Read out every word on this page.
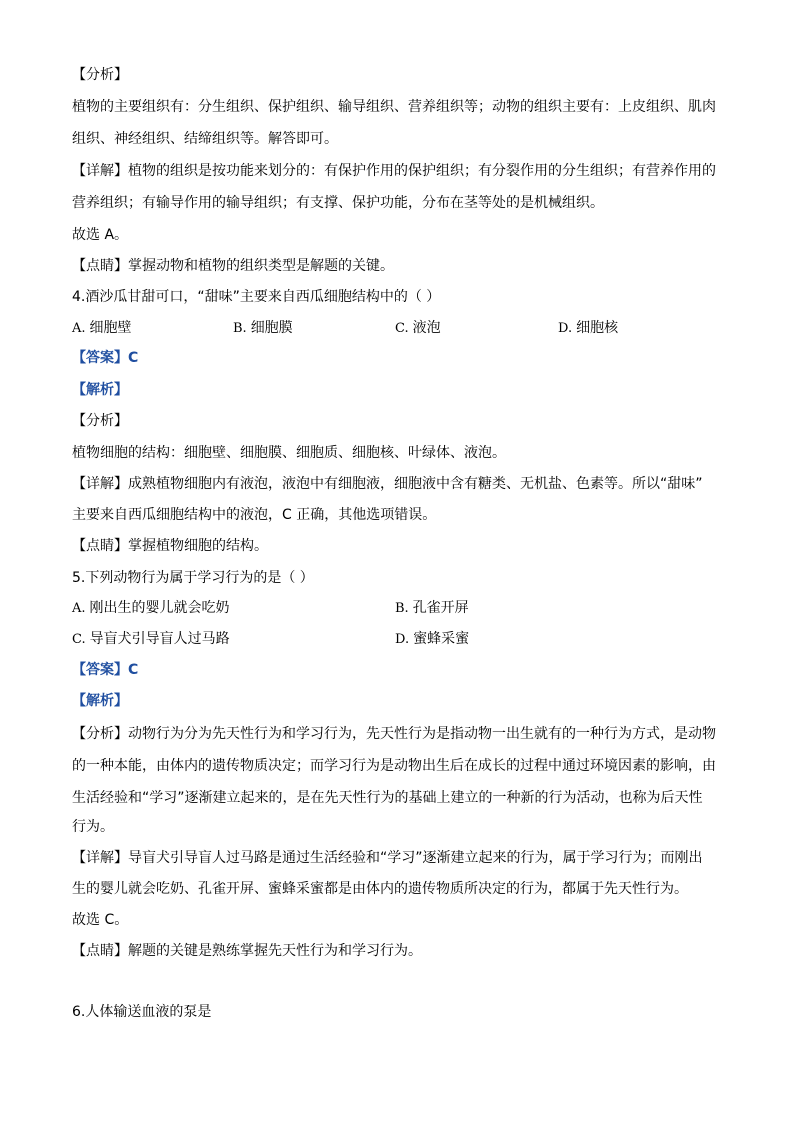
【分析】
植物的主要组织有：分生组织、保护组织、输导组织、营养组织等；动物的组织主要有：上皮组织、肌肉
组织、神经组织、结缔组织等。解答即可。
【详解】植物的组织是按功能来划分的：有保护作用的保护组织；有分裂作用的分生组织；有营养作用的
营养组织；有输导作用的输导组织；有支撑、保护功能，分布在茎等处的是机械组织。
故选 A。
【点睛】掌握动物和植物的组织类型是解题的关键。
4.酒沙瓜甘甜可口，“甜味”主要来自西瓜细胞结构中的（ ）
A. 细胞壁	B. 细胞膜	C. 液泡	D. 细胞核
【答案】C
【解析】
【分析】
植物细胞的结构：细胞壁、细胞膜、细胞质、细胞核、叶绿体、液泡。
【详解】成熟植物细胞内有液泡，液泡中有细胞液，细胞液中含有糖类、无机盐、色素等。所以“甜味”
主要来自西瓜细胞结构中的液泡，C 正确，其他选项错误。
【点睛】掌握植物细胞的结构。
5.下列动物行为属于学习行为的是（ ）
A. 刚出生的婴儿就会吃奶	B. 孔雀开屏
C. 导盲犬引导盲人过马路	D. 蜜蜂采蜜
【答案】C
【解析】
【分析】动物行为分为先天性行为和学习行为，先天性行为是指动物一出生就有的一种行为方式，是动物
的一种本能，由体内的遗传物质决定；而学习行为是动物出生后在成长的过程中通过环境因素的影响，由
生活经验和“学习”逐渐建立起来的，是在先天性行为的基础上建立的一种新的行为活动，也称为后天性
行为。
【详解】导盲犬引导盲人过马路是通过生活经验和“学习”逐渐建立起来的行为，属于学习行为；而刚出
生的婴儿就会吃奶、孔雀开屏、蜜蜂采蜜都是由体内的遗传物质所决定的行为，都属于先天性行为。
故选 C。
【点睛】解题的关键是熟练掌握先天性行为和学习行为。
6.人体输送血液的泵是
